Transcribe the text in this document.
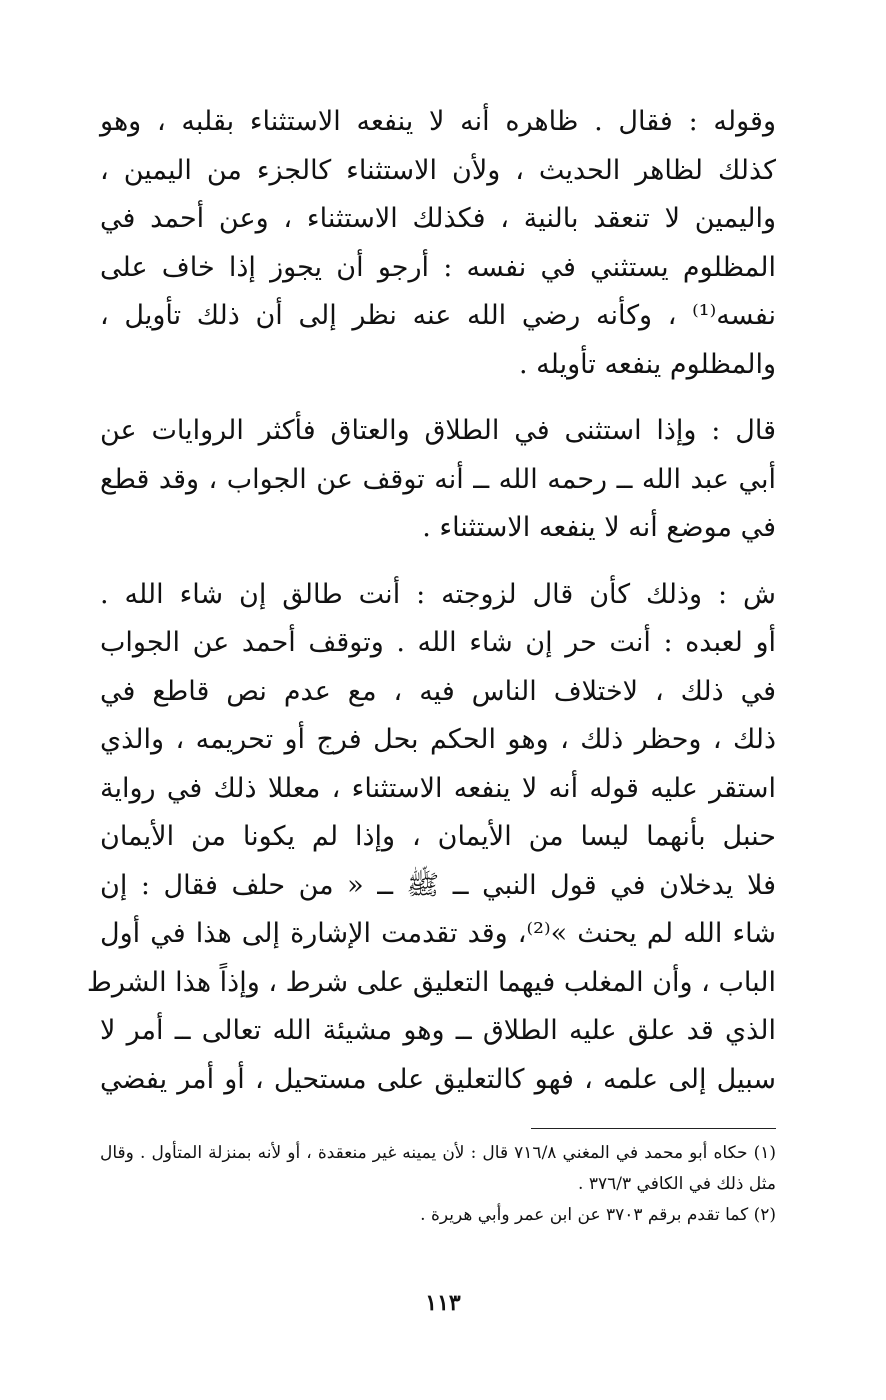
وقوله : فقال . ظاهره أنه لا ينفعه الاستثناء بقلبه ، وهو
كذلك لظاهر الحديث ، ولأن الاستثناء كالجزء من اليمين ،
واليمين لا تنعقد بالنية ، فكذلك الاستثناء ، وعن أحمد في
المظلوم يستثني في نفسه : أرجو أن يجوز إذا خاف على
نفسه⁽¹⁾ ، وكأنه رضي الله عنه نظر إلى أن ذلك تأويل ،
والمظلوم ينفعه تأويله .

قال : وإذا استثنى في الطلاق والعتاق فأكثر الروايات عن
أبي عبد الله ــ رحمه الله ــ أنه توقف عن الجواب ، وقد قطع
في موضع أنه لا ينفعه الاستثناء .

ش : وذلك كأن قال لزوجته : أنت طالق إن شاء الله .
أو لعبده : أنت حر إن شاء الله . وتوقف أحمد عن الجواب
في ذلك ، لاختلاف الناس فيه ، مع عدم نص قاطع في
ذلك ، وحظر ذلك ، وهو الحكم بحل فرج أو تحريمه ، والذي
استقر عليه قوله أنه لا ينفعه الاستثناء ، معللا ذلك في رواية
حنبل بأنهما ليسا من الأيمان ، وإذا لم يكونا من الأيمان
فلا يدخلان في قول النبي ــ ﷺ ــ « من حلف فقال : إن
شاء الله لم يحنث »⁽²⁾، وقد تقدمت الإشارة إلى هذا في أول
الباب ، وأن المغلب فيهما التعليق على شرط ، وإذاً هذا الشرط
الذي قد علق عليه الطلاق ــ وهو مشيئة الله تعالى ــ أمر لا
سبيل إلى علمه ، فهو كالتعليق على مستحيل ، أو أمر يفضي

(١) حكاه أبو محمد في المغني ٧١٦/٨ قال : لأن يمينه غير منعقدة ، أو لأنه بمنزلة المتأول . وقال
مثل ذلك في الكافي ٣٧٦/٣ .

(٢) كما تقدم برقم ٣٧٠٣ عن ابن عمر وأبي هريرة .

١١٣
